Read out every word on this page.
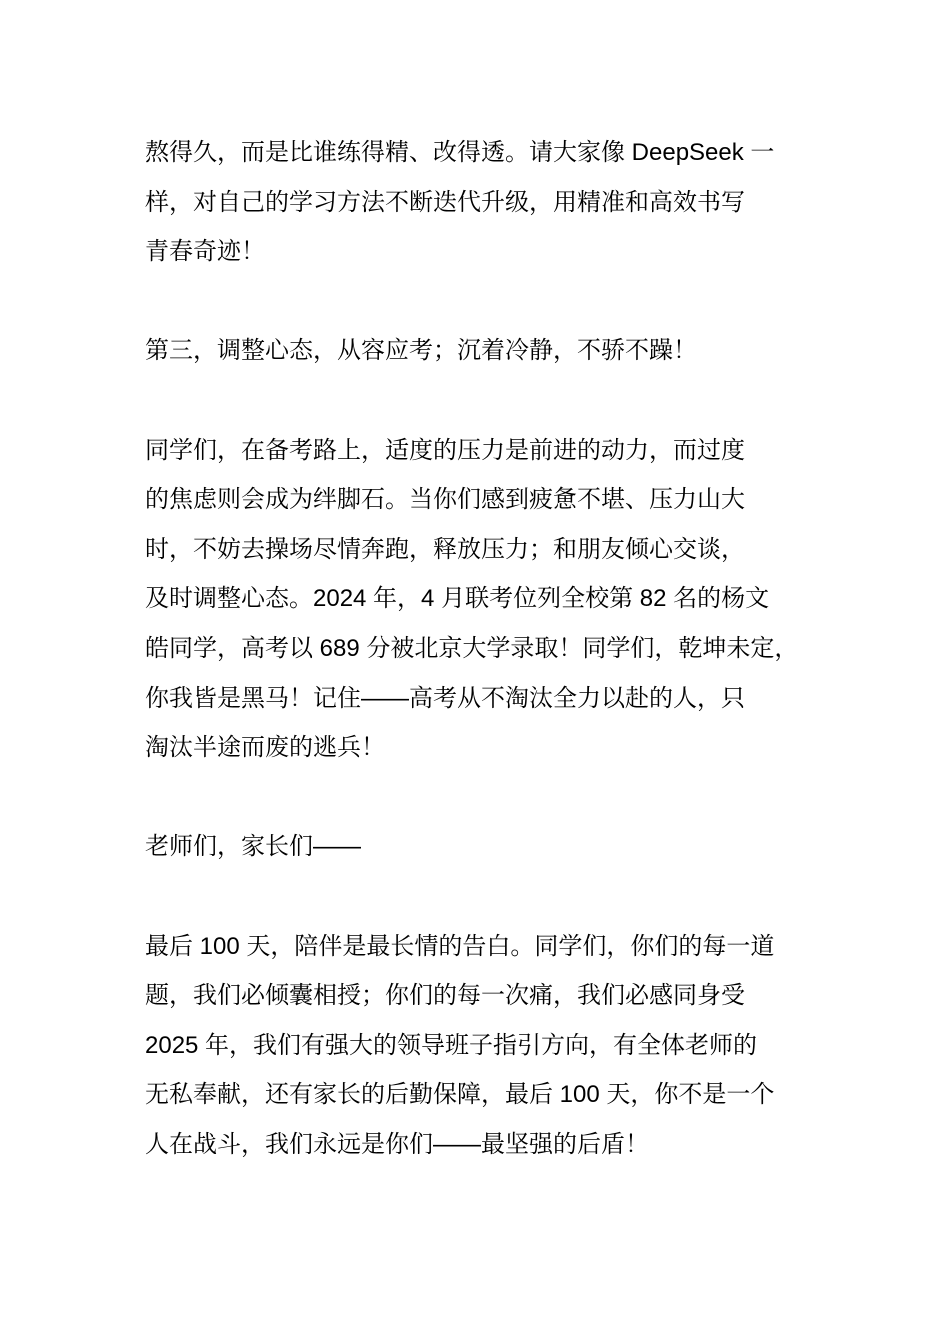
熬得久，而是比谁练得精、改得透。请大家像 DeepSeek 一
样，对自己的学习方法不断迭代升级，用精准和高效书写
青春奇迹！

第三，调整心态，从容应考；沉着冷静，不骄不躁！

同学们，在备考路上，适度的压力是前进的动力，而过度
的焦虑则会成为绊脚石。当你们感到疲惫不堪、压力山大
时，不妨去操场尽情奔跑，释放压力；和朋友倾心交谈，
及时调整心态。2024 年，4 月联考位列全校第 82 名的杨文
皓同学，高考以 689 分被北京大学录取！同学们，乾坤未定，
你我皆是黑马！记住——高考从不淘汰全力以赴的人，只
淘汰半途而废的逃兵！

老师们，家长们——

最后 100 天，陪伴是最长情的告白。同学们，你们的每一道
题，我们必倾囊相授；你们的每一次痛，我们必感同身受
2025 年，我们有强大的领导班子指引方向，有全体老师的
无私奉献，还有家长的后勤保障，最后 100 天，你不是一个
人在战斗，我们永远是你们——最坚强的后盾！
